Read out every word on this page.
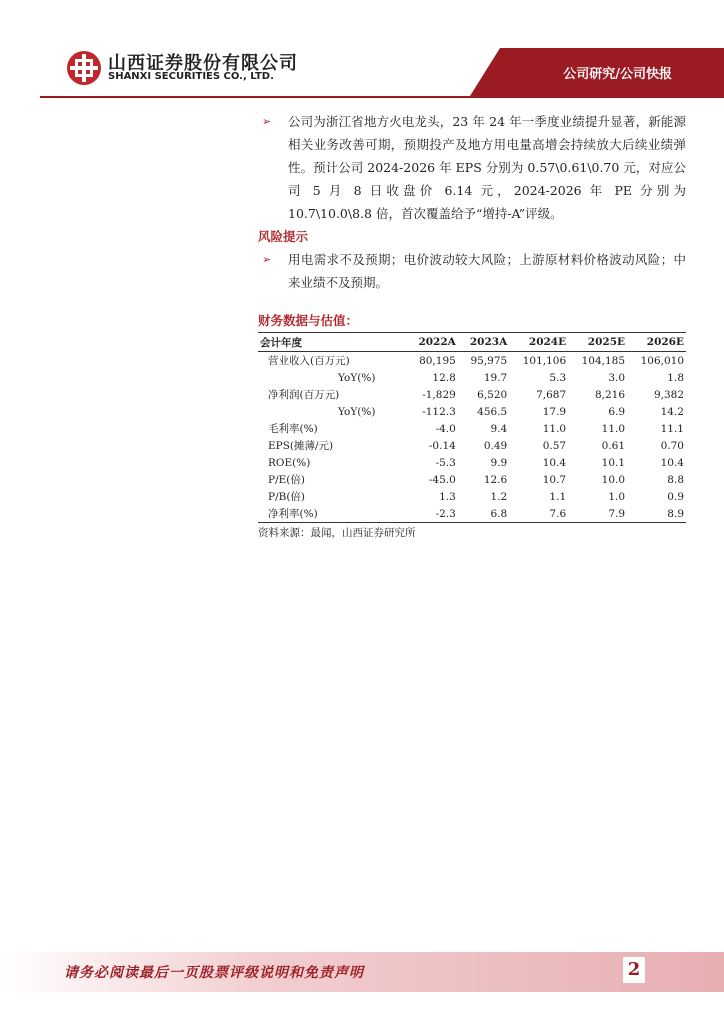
山西证券股份有限公司
SHANXI SECURITIES CO., LTD.	公司研究/公司快报
➢ 公司为浙江省地方火电龙头，23 年 24 年一季度业绩提升显著，新能源相关业务改善可期，预期投产及地方用电量高增会持续放大后续业绩弹性。预计公司 2024-2026 年 EPS 分别为 0.57\0.61\0.70 元，对应公司 5 月 8 日收盘价 6.14 元，2024-2026 年 PE 分别为 10.7\10.0\8.8 倍，首次覆盖给予“增持-A”评级。
风险提示
➢ 用电需求不及预期；电价波动较大风险；上游原材料价格波动风险；中来业绩不及预期。
财务数据与估值：
会计年度	2022A	2023A	2024E	2025E	2026E
营业收入(百万元)	80,195	95,975	101,106	104,185	106,010
YoY(%)	12.8	19.7	5.3	3.0	1.8
净利润(百万元)	-1,829	6,520	7,687	8,216	9,382
YoY(%)	-112.3	456.5	17.9	6.9	14.2
毛利率(%)	-4.0	9.4	11.0	11.0	11.1
EPS(摊薄/元)	-0.14	0.49	0.57	0.61	0.70
ROE(%)	-5.3	9.9	10.4	10.1	10.4
P/E(倍)	-45.0	12.6	10.7	10.0	8.8
P/B(倍)	1.3	1.2	1.1	1.0	0.9
净利率(%)	-2.3	6.8	7.6	7.9	8.9
资料来源：最闻，山西证券研究所
请务必阅读最后一页股票评级说明和免责声明	2
